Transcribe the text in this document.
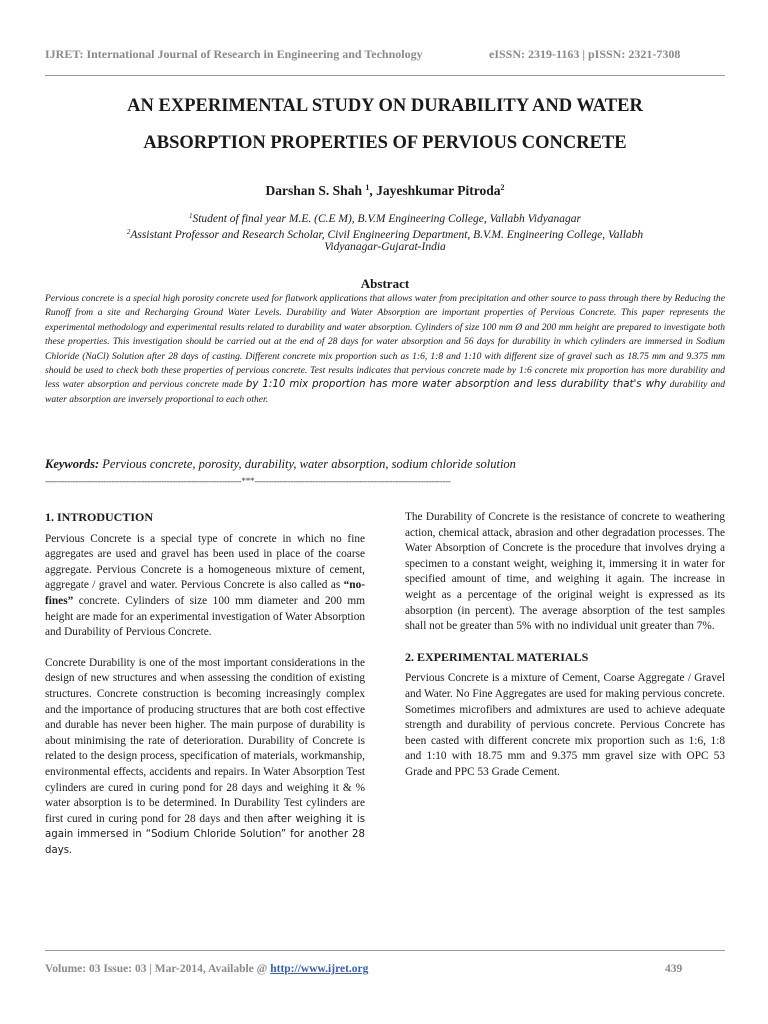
IJRET: International Journal of Research in Engineering and Technology	eISSN: 2319-1163 | pISSN: 2321-7308
AN EXPERIMENTAL STUDY ON DURABILITY AND WATER
ABSORPTION PROPERTIES OF PERVIOUS CONCRETE
Darshan S. Shah $^1$, Jayeshkumar Pitroda$^2$
$^1$Student of final year M.E. (C.E M), B.V.M Engineering College, Vallabh Vidyanagar
$^2$Assistant Professor and Research Scholar, Civil Engineering Department, B.V.M. Engineering College, Vallabh
Vidyanagar-Gujarat-India
Abstract
Pervious concrete is a special high porosity concrete used for flatwork applications that allows water from precipitation and other source to pass through there by Reducing the Runoff from a site and Recharging Ground Water Levels. Durability and Water Absorption are important properties of Pervious Concrete. This paper represents the experimental methodology and experimental results related to durability and water absorption. Cylinders of size 100 mm Ø and 200 mm height are prepared to investigate both these properties. This investigation should be carried out at the end of 28 days for water absorption and 56 days for durability in which cylinders are immersed in Sodium Chloride (NaCl) Solution after 28 days of casting. Different concrete mix proportion such as 1:6, 1:8 and 1:10 with different size of gravel such as 18.75 mm and 9.375 mm should be used to check both these properties of pervious concrete. Test results indicates that pervious concrete made by 1:6 concrete mix proportion has more durability and less water absorption and pervious concrete made by 1:10 mix proportion has more water absorption and less durability that's why durability and water absorption are inversely proportional to each other.
Keywords: Pervious concrete, porosity, durability, water absorption, sodium chloride solution
-----------------------------------------------------------------------***-----------------------------------------------------------------------

1. INTRODUCTION

Pervious Concrete is a special type of concrete in which no fine aggregates are used and gravel has been used in place of the coarse aggregate. Pervious Concrete is a homogeneous mixture of cement, aggregate / gravel and water. Pervious Concrete is also called as “no-fines” concrete. Cylinders of size 100 mm diameter and 200 mm height are made for an experimental investigation of Water Absorption and Durability of Pervious Concrete.

Concrete Durability is one of the most important considerations in the design of new structures and when assessing the condition of existing structures. Concrete construction is becoming increasingly complex and the importance of producing structures that are both cost effective and durable has never been higher. The main purpose of durability is about minimising the rate of deterioration. Durability of Concrete is related to the design process, specification of materials, workmanship, environmental effects, accidents and repairs. In Water Absorption Test cylinders are cured in curing pond for 28 days and weighing it & % water absorption is to be determined. In Durability Test cylinders are first cured in curing pond for 28 days and then after weighing it is again immersed in “Sodium Chloride Solution” for another 28 days.

The Durability of Concrete is the resistance of concrete to weathering action, chemical attack, abrasion and other degradation processes. The Water Absorption of Concrete is the procedure that involves drying a specimen to a constant weight, weighing it, immersing it in water for specified amount of time, and weighing it again. The increase in weight as a percentage of the original weight is expressed as its absorption (in percent). The average absorption of the test samples shall not be greater than 5% with no individual unit greater than 7%.

2. EXPERIMENTAL MATERIALS

Pervious Concrete is a mixture of Cement, Coarse Aggregate / Gravel and Water. No Fine Aggregates are used for making pervious concrete. Sometimes microfibers and admixtures are used to achieve adequate strength and durability of pervious concrete. Pervious Concrete has been casted with different concrete mix proportion such as 1:6, 1:8 and 1:10 with 18.75 mm and 9.375 mm gravel size with OPC 53 Grade and PPC 53 Grade Cement.

Volume: 03 Issue: 03 | Mar-2014, Available @ http://www.ijret.org	439
